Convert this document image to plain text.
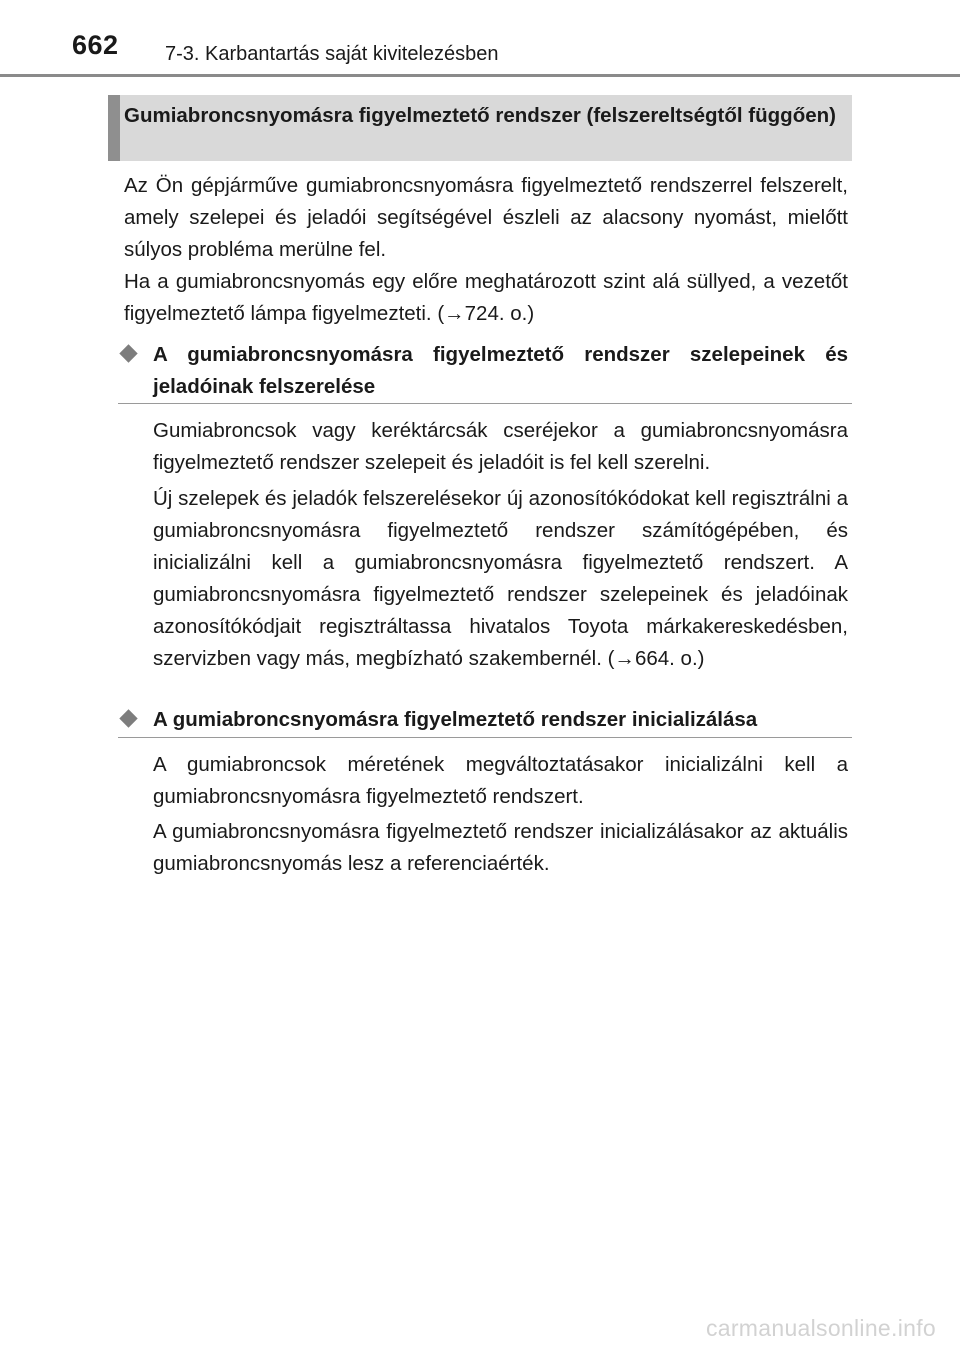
662 7-3. Karbantartás saját kivitelezésben
Gumiabroncsnyomásra figyelmeztető rendszer (felszereltségtől függően)

Az Ön gépjárműve gumiabroncsnyomásra figyelmeztető rendszerrel felszerelt, amely szelepei és jeladói segítségével észleli az alacsony nyomást, mielőtt súlyos probléma merülne fel.

Ha a gumiabroncsnyomás egy előre meghatározott szint alá süllyed, a vezetőt figyelmeztető lámpa figyelmezteti. (→724. o.)

A gumiabroncsnyomásra figyelmeztető rendszer szelepeinek és jeladóinak felszerelése

Gumiabroncsok vagy keréktárcsák cseréjekor a gumiabroncsnyomásra figyelmeztető rendszer szelepeit és jeladóit is fel kell szerelni.

Új szelepek és jeladók felszerelésekor új azonosítókódokat kell regisztrálni a gumiabroncsnyomásra figyelmeztető rendszer számítógépében, és inicializálni kell a gumiabroncsnyomásra figyelmeztető rendszert. A gumiabroncsnyomásra figyelmeztető rendszer szelepeinek és jeladóinak azonosítókódjait regisztráltassa hivatalos Toyota márkakereskedésben, szervizben vagy más, megbízható szakembernél. (→664. o.)

A gumiabroncsnyomásra figyelmeztető rendszer inicializálása

A gumiabroncsok méretének megváltoztatásakor inicializálni kell a gumiabroncsnyomásra figyelmeztető rendszert.

A gumiabroncsnyomásra figyelmeztető rendszer inicializálásakor az aktuális gumiabroncsnyomás lesz a referenciaérték.

carmanualsonline.info
